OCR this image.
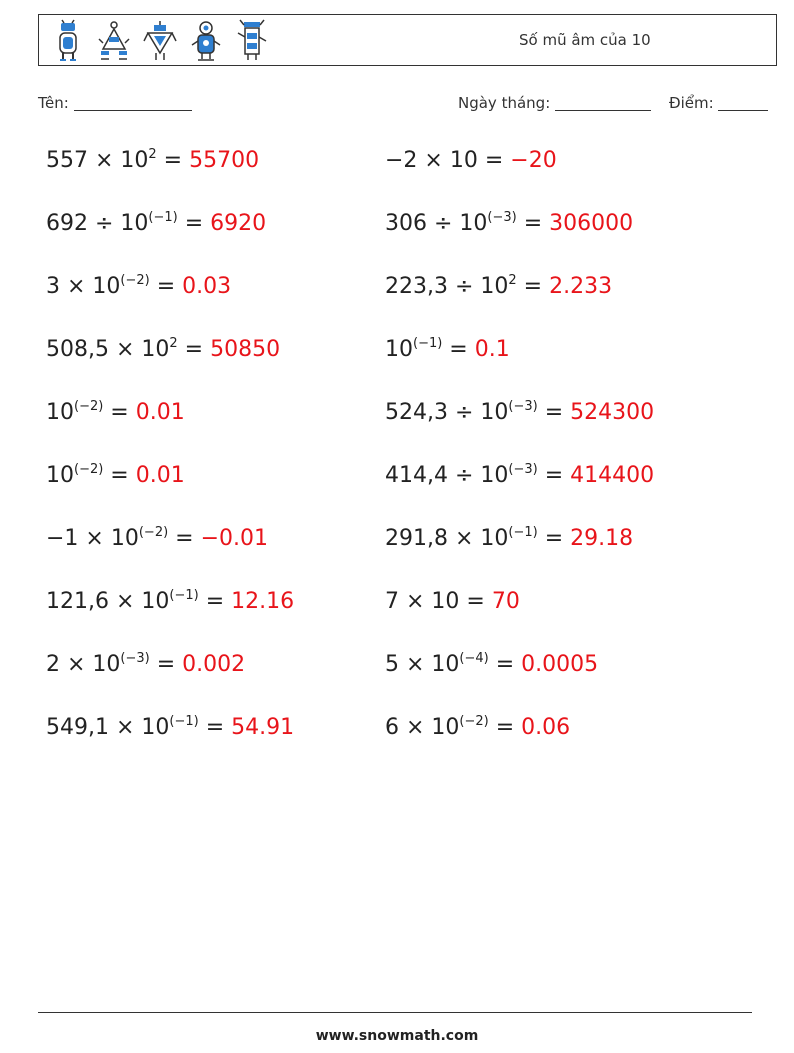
Số mũ âm của 10
Tên:	Ngày tháng:	Điểm:
$557 \times 10^2 = 55700$
$692 \div 10^{(-1)} = 6920$
$3 \times 10^{(-2)} = 0.03$
$508,5 \times 10^2 = 50850$
$10^{(-2)} = 0.01$
$10^{(-2)} = 0.01$
$-1 \times 10^{(-2)} = -0.01$
$121,6 \times 10^{(-1)} = 12.16$
$2 \times 10^{(-3)} = 0.002$
$549,1 \times 10^{(-1)} = 54.91$
−2 × 10 = −20
$306 \div 10^{(-3)} = 306000$
$223,3 \div 10^2 = 2.233$
$10^{(-1)} = 0.1$
$524,3 \div 10^{(-3)} = 524300$
$414,4 \div 10^{(-3)} = 414400$
$291,8 \times 10^{(-1)} = 29.18$
7 × 10 = 70
$5 \times 10^{(-4)} = 0.0005$
$6 \times 10^{(-2)} = 0.06$
www.snowmath.com
